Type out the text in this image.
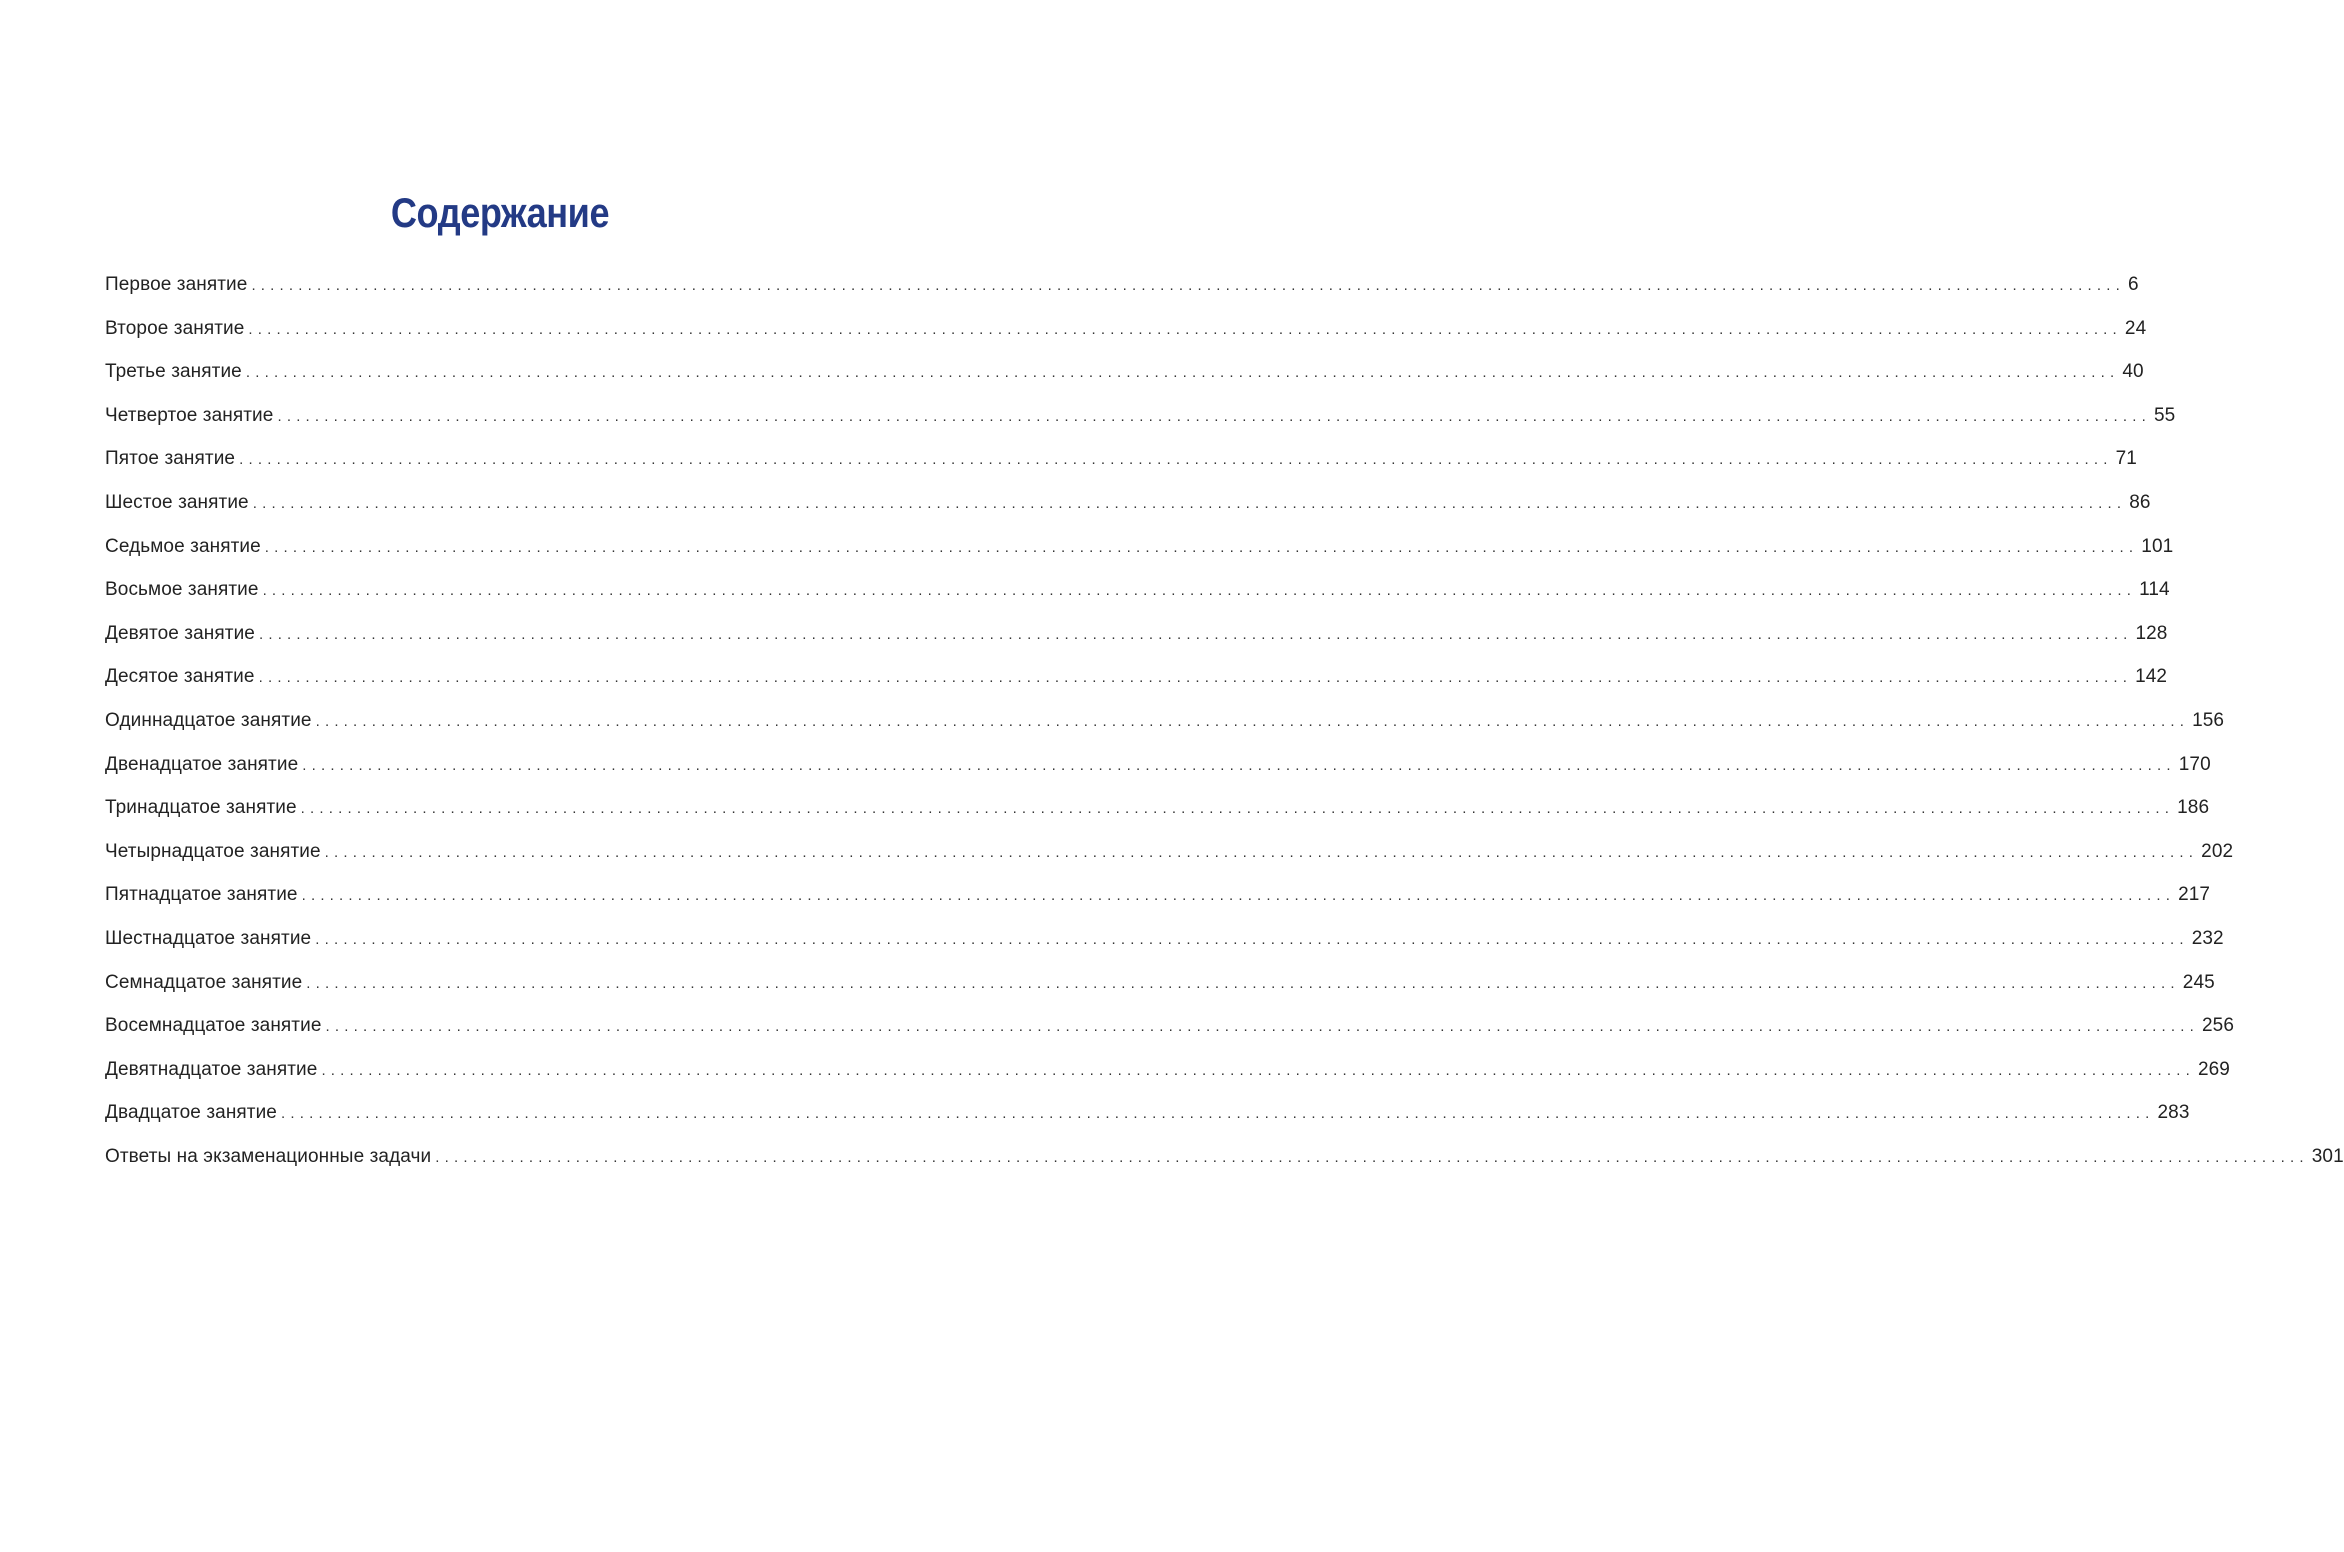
Содержание
Первое занятие ........................................................................................................................................................................................................ 6
Второе занятие ........................................................................................................................................................................................................ 24
Третье занятие ........................................................................................................................................................................................................ 40
Четвертое занятие ........................................................................................................................................................................................................ 55
Пятое занятие ........................................................................................................................................................................................................ 71
Шестое занятие ........................................................................................................................................................................................................ 86
Седьмое занятие ........................................................................................................................................................................................................ 101
Восьмое занятие ........................................................................................................................................................................................................ 114
Девятое занятие ........................................................................................................................................................................................................ 128
Десятое занятие ........................................................................................................................................................................................................ 142
Одиннадцатое занятие ........................................................................................................................................................................................................ 156
Двенадцатое занятие ........................................................................................................................................................................................................ 170
Тринадцатое занятие ........................................................................................................................................................................................................ 186
Четырнадцатое занятие ........................................................................................................................................................................................................ 202
Пятнадцатое занятие ........................................................................................................................................................................................................ 217
Шестнадцатое занятие ........................................................................................................................................................................................................ 232
Семнадцатое занятие ........................................................................................................................................................................................................ 245
Восемнадцатое занятие ........................................................................................................................................................................................................ 256
Девятнадцатое занятие ........................................................................................................................................................................................................ 269
Двадцатое занятие ........................................................................................................................................................................................................ 283
Ответы на экзаменационные задачи ........................................................................................................................................................................................................ 301
